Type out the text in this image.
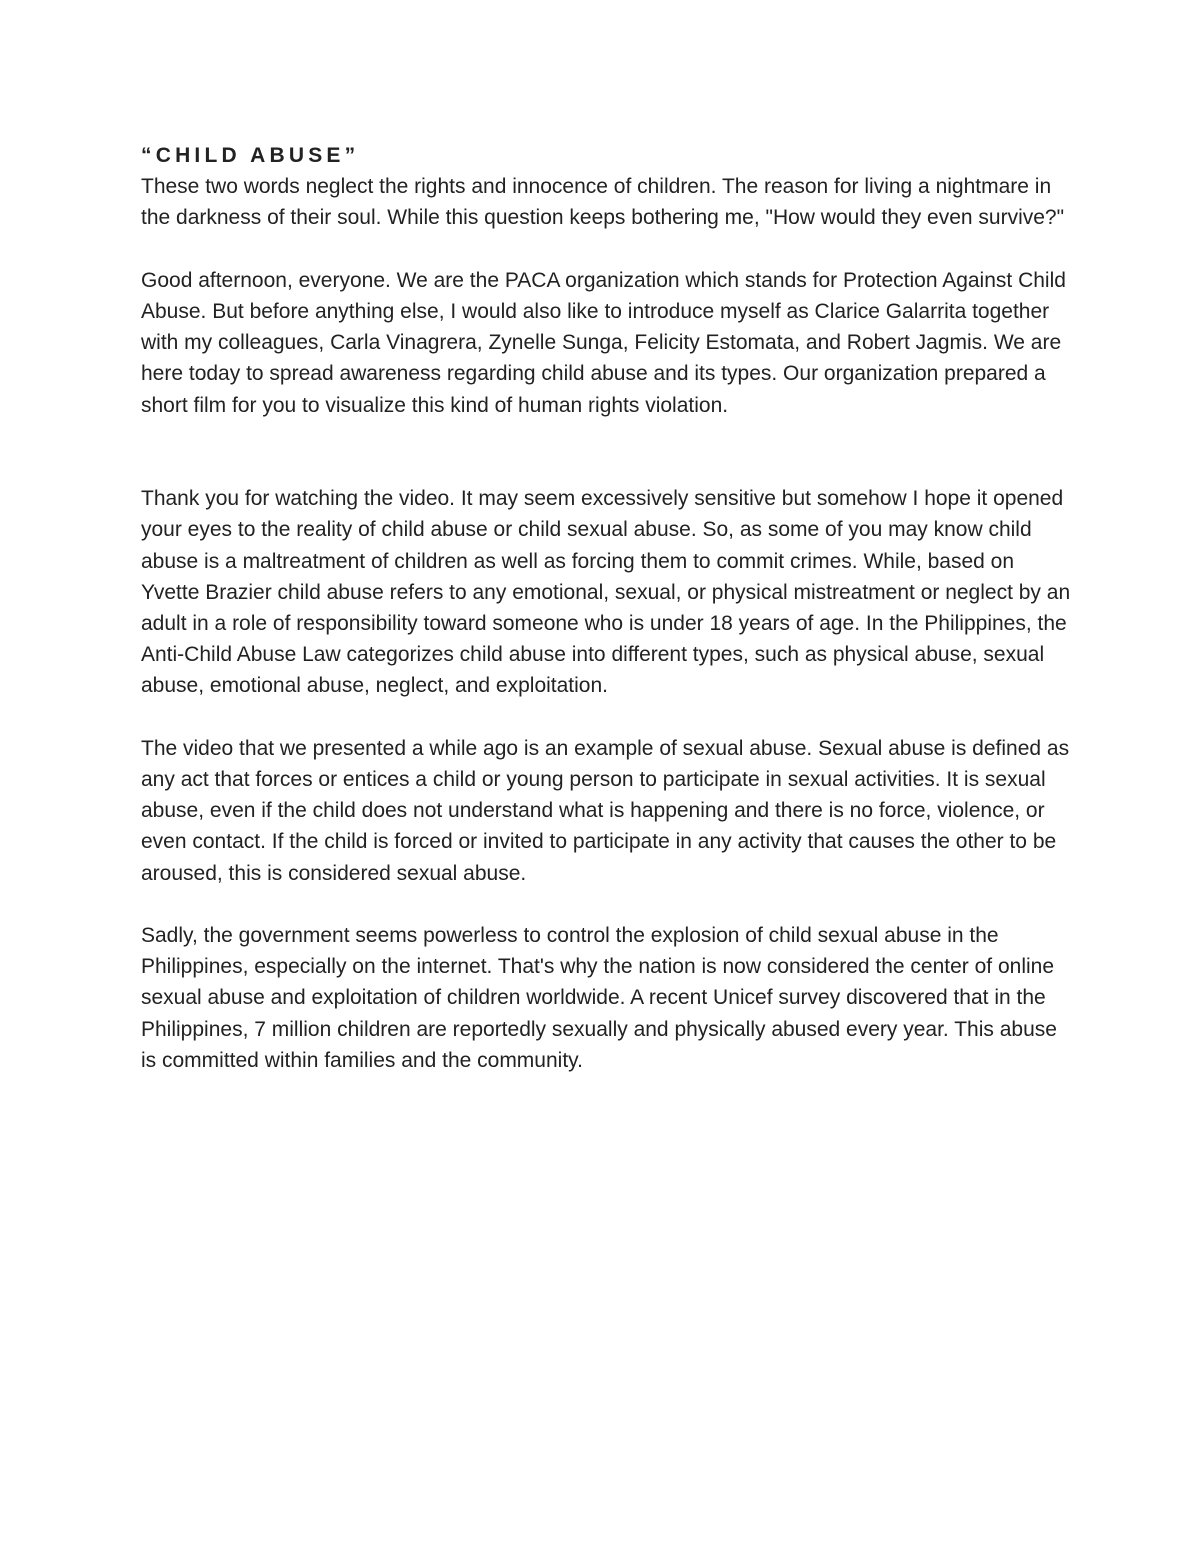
“CHILD ABUSE”

These two words neglect the rights and innocence of children. The reason for living a nightmare in the darkness of their soul. While this question keeps bothering me, "How would they even survive?"

Good afternoon, everyone. We are the PACA organization which stands for Protection Against Child Abuse. But before anything else, I would also like to introduce myself as Clarice Galarrita together with my colleagues, Carla Vinagrera, Zynelle Sunga, Felicity Estomata, and Robert Jagmis. We are here today to spread awareness regarding child abuse and its types. Our organization prepared a short film for you to visualize this kind of human rights violation.

Thank you for watching the video. It may seem excessively sensitive but somehow I hope it opened your eyes to the reality of child abuse or child sexual abuse. So, as some of you may know child abuse is a maltreatment of children as well as forcing them to commit crimes. While, based on Yvette Brazier child abuse refers to any emotional, sexual, or physical mistreatment or neglect by an adult in a role of responsibility toward someone who is under 18 years of age. In the Philippines, the Anti-Child Abuse Law categorizes child abuse into different types, such as physical abuse, sexual abuse, emotional abuse, neglect, and exploitation.

The video that we presented a while ago is an example of sexual abuse. Sexual abuse is defined as any act that forces or entices a child or young person to participate in sexual activities. It is sexual abuse, even if the child does not understand what is happening and there is no force, violence, or even contact. If the child is forced or invited to participate in any activity that causes the other to be aroused, this is considered sexual abuse.

Sadly, the government seems powerless to control the explosion of child sexual abuse in the Philippines, especially on the internet. That's why the nation is now considered the center of online sexual abuse and exploitation of children worldwide. A recent Unicef survey discovered that in the Philippines, 7 million children are reportedly sexually and physically abused every year. This abuse is committed within families and the community.
